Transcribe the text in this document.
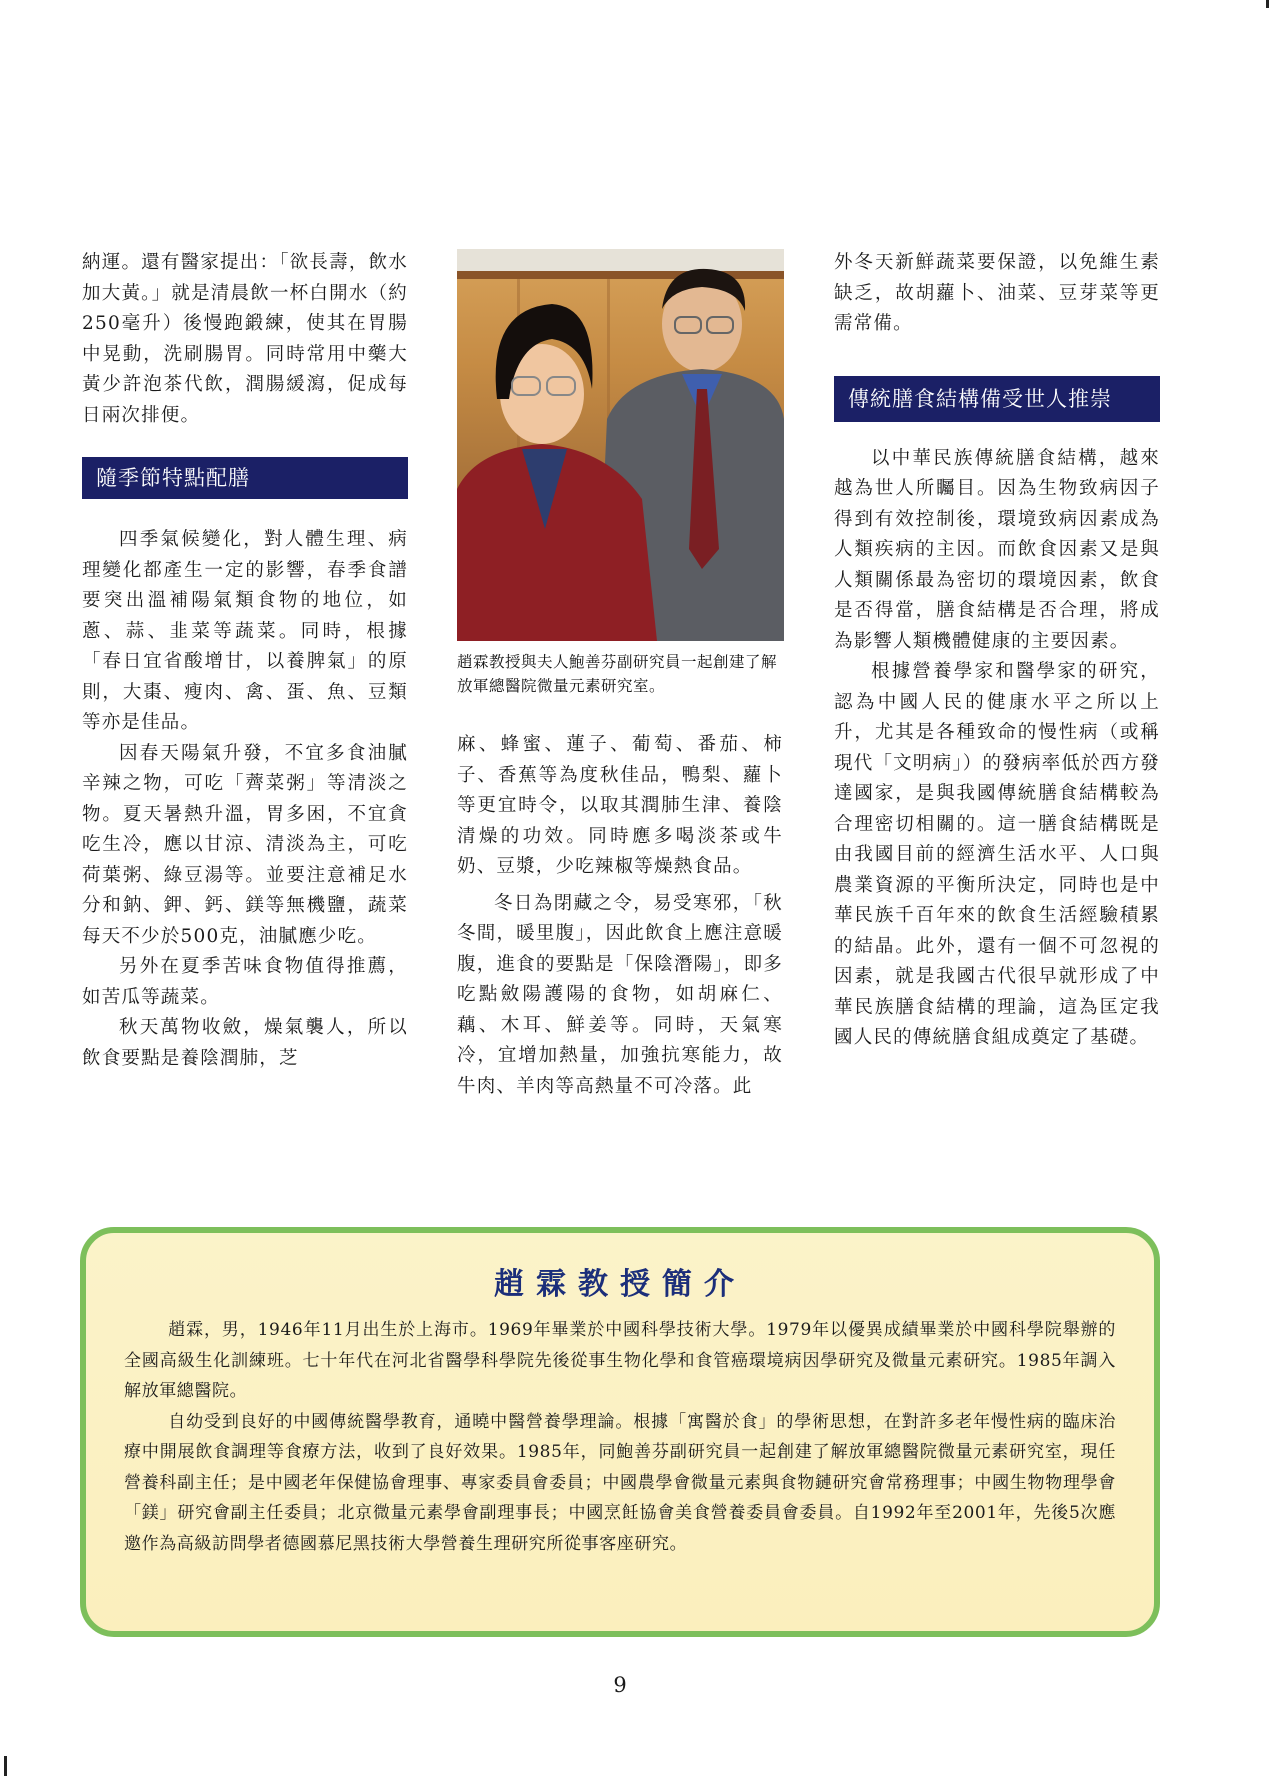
納運。還有醫家提出：「欲長壽，飲水加大黃。」就是清晨飲一杯白開水（約250毫升）後慢跑鍛練，使其在胃腸中晃動，洗刷腸胃。同時常用中藥大黃少許泡茶代飲，潤腸緩瀉，促成每日兩次排便。

隨季節特點配膳

四季氣候變化，對人體生理、病理變化都產生一定的影響，春季食譜要突出溫補陽氣類食物的地位，如蔥、蒜、韭菜等蔬菜。同時，根據「春日宜省酸增甘，以養脾氣」的原則，大棗、瘦肉、禽、蛋、魚、豆類等亦是佳品。

因春天陽氣升發，不宜多食油膩辛辣之物，可吃「薺菜粥」等清淡之物。夏天暑熱升溫，胃多困，不宜貪吃生冷，應以甘涼、清淡為主，可吃荷葉粥、綠豆湯等。並要注意補足水分和鈉、鉀、鈣、鎂等無機鹽，蔬菜每天不少於500克，油膩應少吃。

另外在夏季苦味食物值得推薦，如苦瓜等蔬菜。

秋天萬物收斂，燥氣襲人，所以飲食要點是養陰潤肺，芝

趙霖教授與夫人鮑善芬副研究員一起創建了解放軍總醫院微量元素研究室。

麻、蜂蜜、蓮子、葡萄、番茄、柿子、香蕉等為度秋佳品，鴨梨、蘿卜等更宜時令，以取其潤肺生津、養陰清燥的功效。同時應多喝淡茶或牛奶、豆漿，少吃辣椒等燥熱食品。

冬日為閉藏之令，易受寒邪，「秋冬間，暖里腹」，因此飲食上應注意暖腹，進食的要點是「保陰潛陽」，即多吃點斂陽護陽的食物，如胡麻仁、藕、木耳、鮮姜等。同時，天氣寒冷，宜增加熱量，加強抗寒能力，故牛肉、羊肉等高熱量不可冷落。此

外冬天新鮮蔬菜要保證，以免維生素缺乏，故胡蘿卜、油菜、豆芽菜等更需常備。

傳統膳食結構備受世人推崇

以中華民族傳統膳食結構，越來越為世人所矚目。因為生物致病因子得到有效控制後，環境致病因素成為人類疾病的主因。而飲食因素又是與人類關係最為密切的環境因素，飲食是否得當，膳食結構是否合理，將成為影響人類機體健康的主要因素。

根據營養學家和醫學家的研究，認為中國人民的健康水平之所以上升，尤其是各種致命的慢性病（或稱現代「文明病」）的發病率低於西方發達國家，是與我國傳統膳食結構較為合理密切相關的。這一膳食結構既是由我國目前的經濟生活水平、人口與農業資源的平衡所決定，同時也是中華民族千百年來的飲食生活經驗積累的結晶。此外，還有一個不可忽視的因素，就是我國古代很早就形成了中華民族膳食結構的理論，這為匡定我國人民的傳統膳食組成奠定了基礎。

趙霖教授簡介

趙霖，男，1946年11月出生於上海市。1969年畢業於中國科學技術大學。1979年以優異成績畢業於中國科學院舉辦的全國高級生化訓練班。七十年代在河北省醫學科學院先後從事生物化學和食管癌環境病因學研究及微量元素研究。1985年調入解放軍總醫院。

自幼受到良好的中國傳統醫學教育，通曉中醫營養學理論。根據「寓醫於食」的學術思想，在對許多老年慢性病的臨床治療中開展飲食調理等食療方法，收到了良好效果。1985年，同鮑善芬副研究員一起創建了解放軍總醫院微量元素研究室，現任營養科副主任；是中國老年保健協會理事、專家委員會委員；中國農學會微量元素與食物鏈研究會常務理事；中國生物物理學會「鎂」研究會副主任委員；北京微量元素學會副理事長；中國烹飪協會美食營養委員會委員。自1992年至2001年，先後5次應邀作為高級訪問學者德國慕尼黑技術大學營養生理研究所從事客座研究。

9
